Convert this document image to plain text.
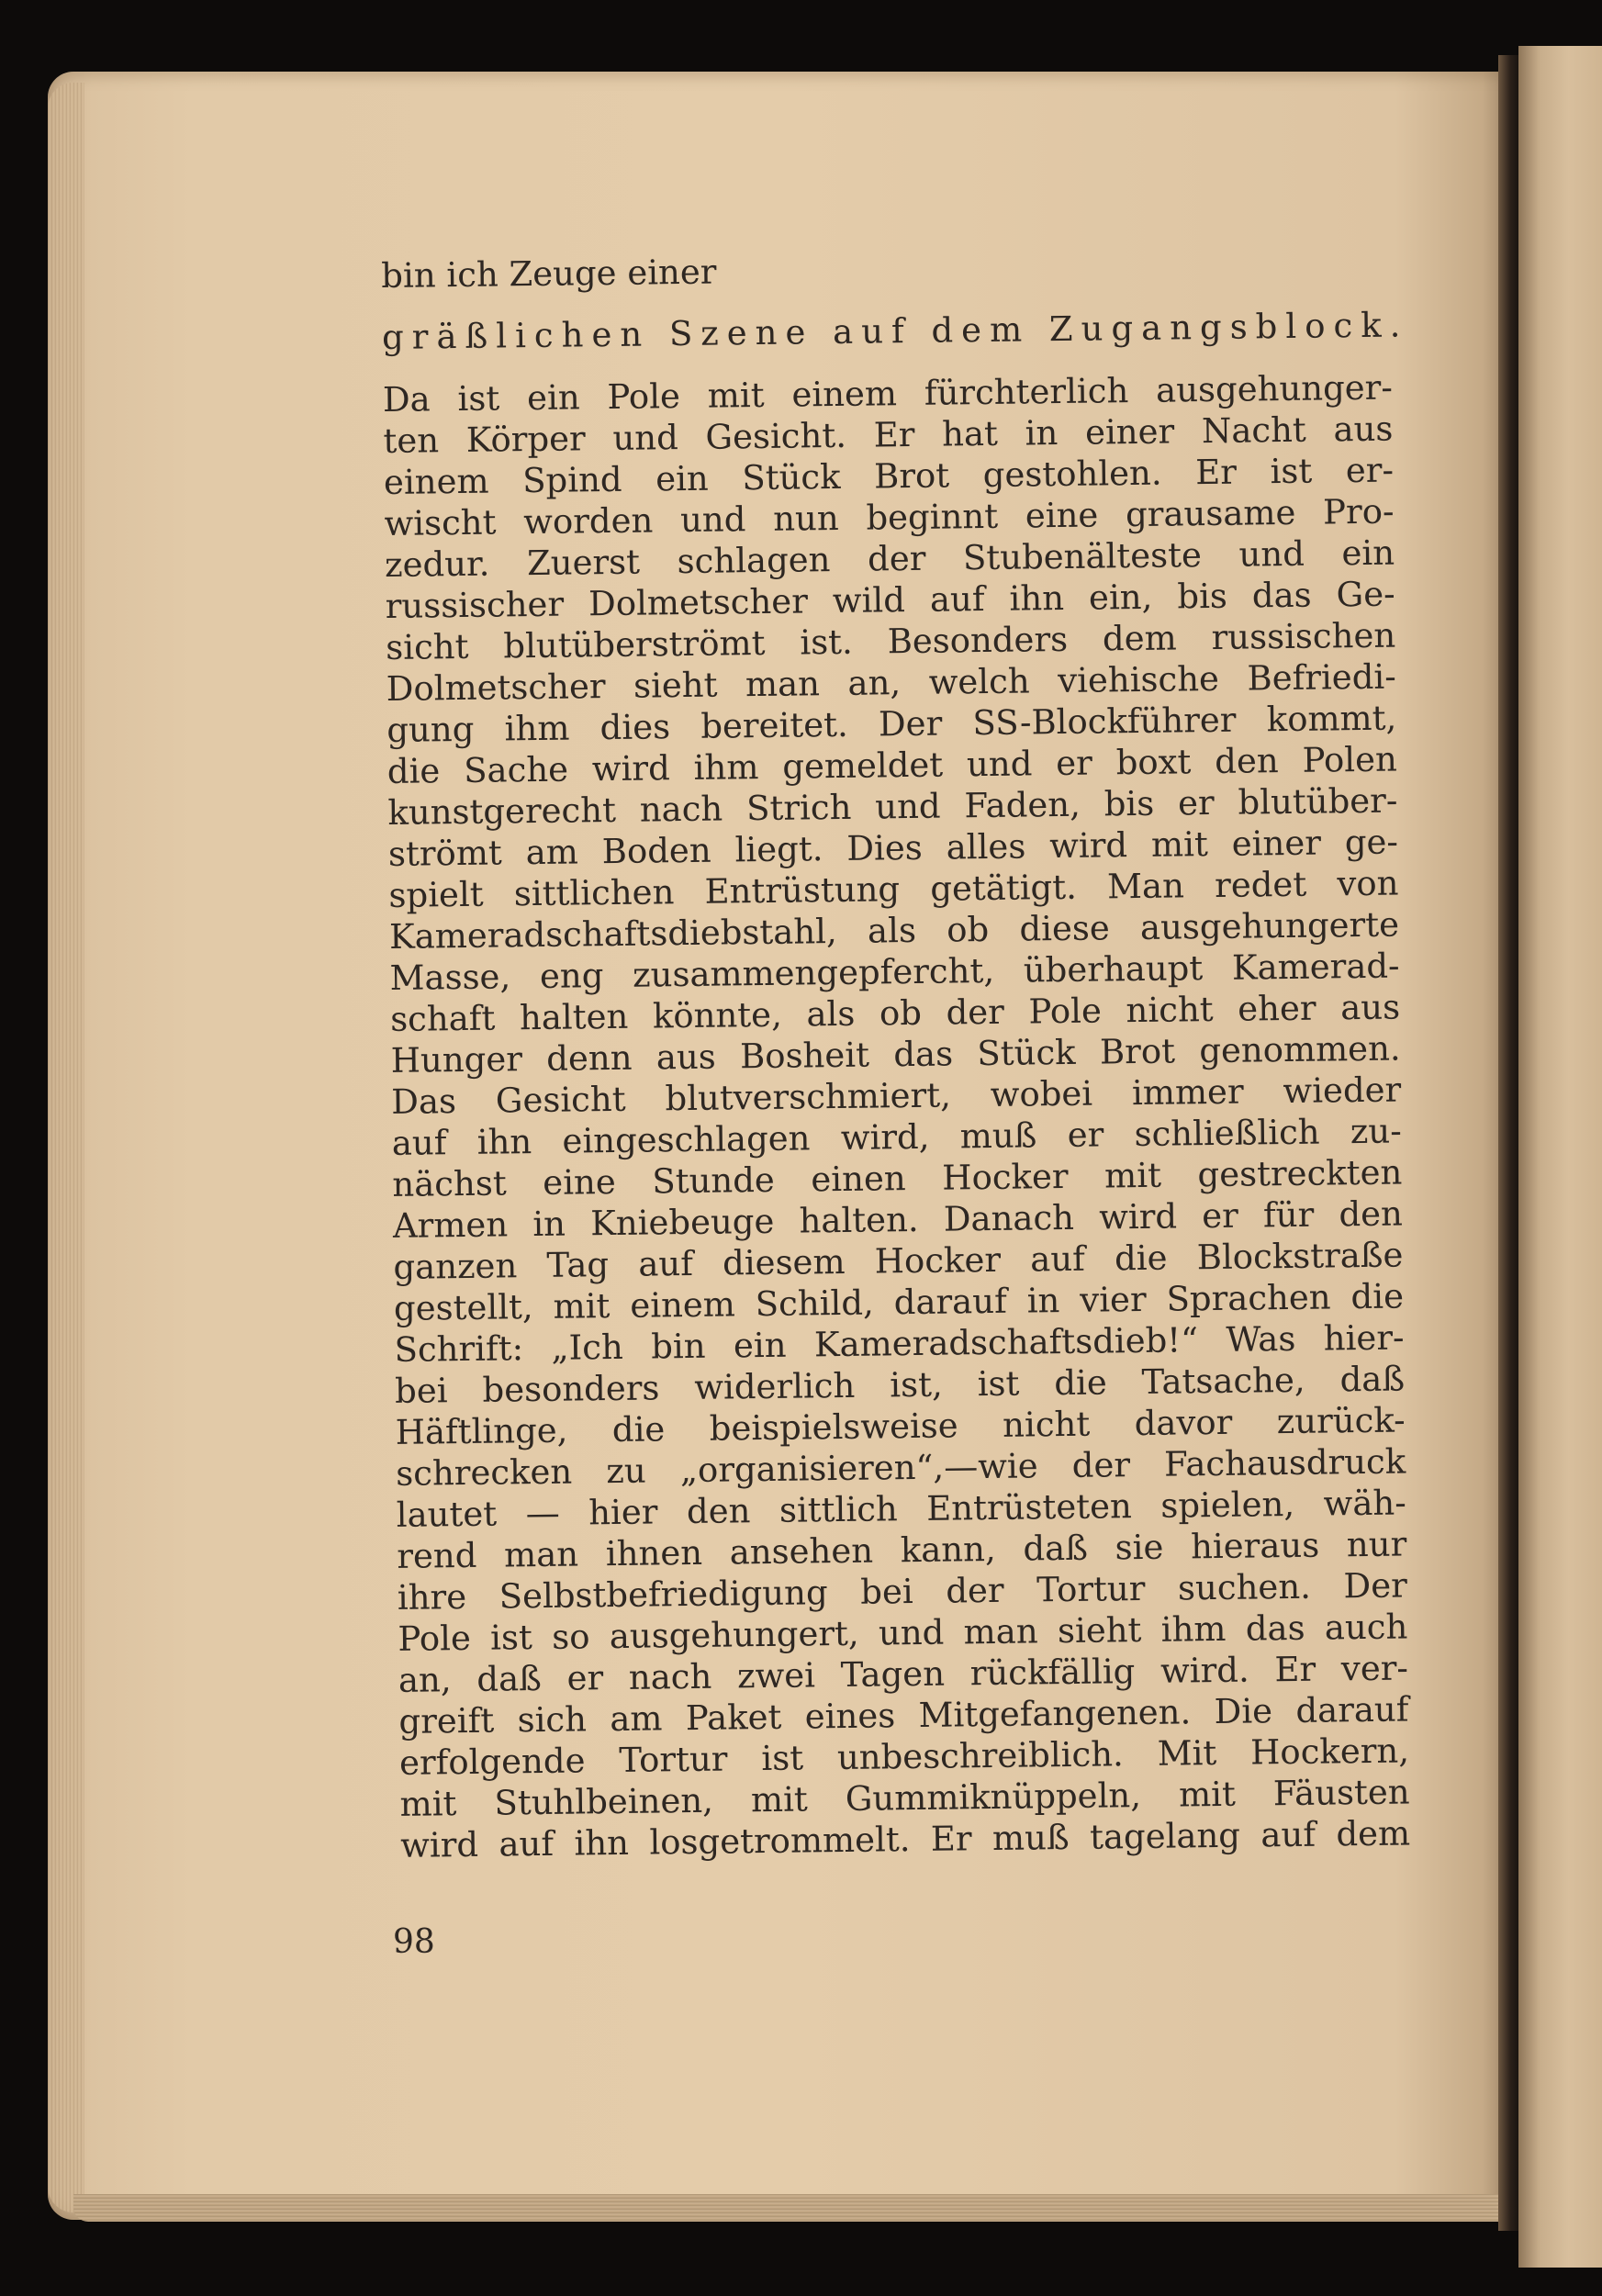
bin ich Zeuge einer

gräßlichen Szene auf dem Zugangsblock.

Da ist ein Pole mit einem fürchterlich ausgehunger-

ten Körper und Gesicht. Er hat in einer Nacht aus

einem Spind ein Stück Brot gestohlen. Er ist er-

wischt worden und nun beginnt eine grausame Pro-

zedur. Zuerst schlagen der Stubenälteste und ein

russischer Dolmetscher wild auf ihn ein, bis das Ge-

sicht blutüberströmt ist. Besonders dem russischen

Dolmetscher sieht man an, welch viehische Befriedi-

gung ihm dies bereitet. Der SS-Blockführer kommt,

die Sache wird ihm gemeldet und er boxt den Polen

kunstgerecht nach Strich und Faden, bis er blutüber-

strömt am Boden liegt. Dies alles wird mit einer ge-

spielt sittlichen Entrüstung getätigt. Man redet von

Kameradschaftsdiebstahl, als ob diese ausgehungerte

Masse, eng zusammengepfercht, überhaupt Kamerad-

schaft halten könnte, als ob der Pole nicht eher aus

Hunger denn aus Bosheit das Stück Brot genommen.

Das Gesicht blutverschmiert, wobei immer wieder

auf ihn eingeschlagen wird, muß er schließlich zu-

nächst eine Stunde einen Hocker mit gestreckten

Armen in Kniebeuge halten. Danach wird er für den

ganzen Tag auf diesem Hocker auf die Blockstraße

gestellt, mit einem Schild, darauf in vier Sprachen die

Schrift: „Ich bin ein Kameradschaftsdieb!“ Was hier-

bei besonders widerlich ist, ist die Tatsache, daß

Häftlinge, die beispielsweise nicht davor zurück-

schrecken zu „organisieren“,—wie der Fachausdruck

lautet — hier den sittlich Entrüsteten spielen, wäh-

rend man ihnen ansehen kann, daß sie hieraus nur

ihre Selbstbefriedigung bei der Tortur suchen. Der

Pole ist so ausgehungert, und man sieht ihm das auch

an, daß er nach zwei Tagen rückfällig wird. Er ver-

greift sich am Paket eines Mitgefangenen. Die darauf

erfolgende Tortur ist unbeschreiblich. Mit Hockern,

mit Stuhlbeinen, mit Gummiknüppeln, mit Fäusten

wird auf ihn losgetrommelt. Er muß tagelang auf dem

98
